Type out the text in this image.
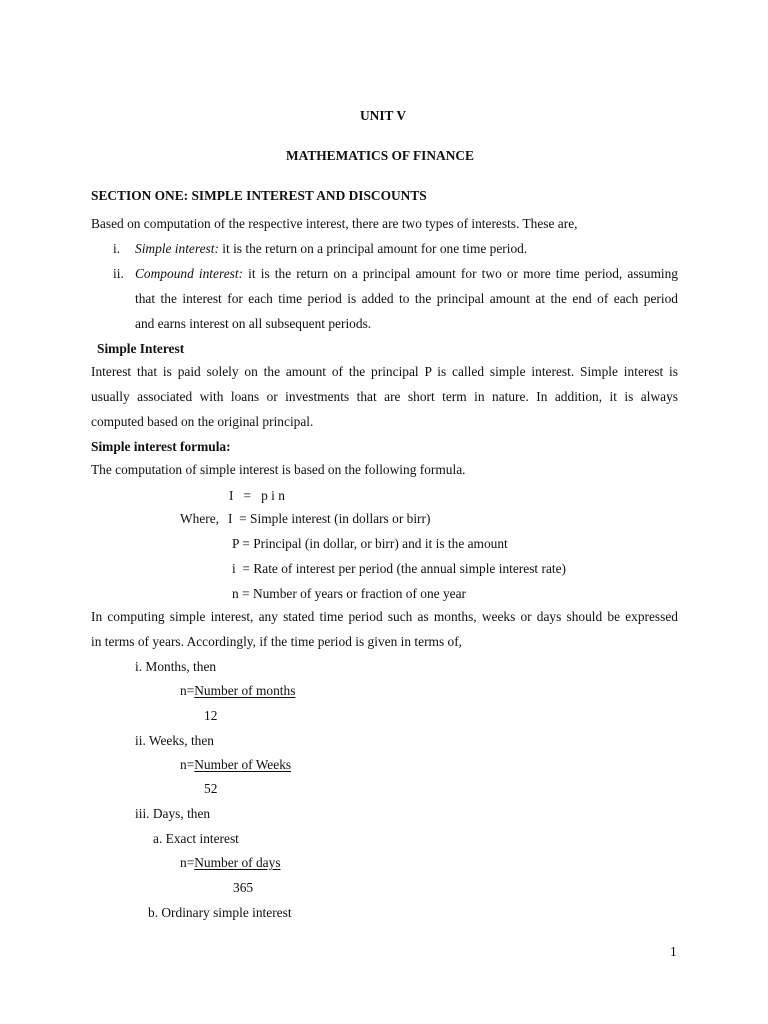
UNIT V
MATHEMATICS OF FINANCE
SECTION ONE: SIMPLE INTEREST AND DISCOUNTS
Based on computation of the respective interest, there are two types of interests. These are,
i. Simple interest: it is the return on a principal amount for one time period.
ii. Compound interest: it is the return on a principal amount for two or more time period, assuming
that the interest for each time period is added to the principal amount at the end of each period
and earns interest on all subsequent periods.
Simple Interest
Interest that is paid solely on the amount of the principal P is called simple interest. Simple interest is
usually associated with loans or investments that are short term in nature. In addition, it is always
computed based on the original principal.
Simple interest formula:
The computation of simple interest is based on the following formula.
I   =   p i n
Where, I  = Simple interest (in dollars or birr)
P = Principal (in dollar, or birr) and it is the amount
i  = Rate of interest per period (the annual simple interest rate)
n = Number of years or fraction of one year
In computing simple interest, any stated time period such as months, weeks or days should be expressed
in terms of years. Accordingly, if the time period is given in terms of,
i. Months, then
n=Number of months
12
ii. Weeks, then
n=Number of Weeks
52
iii. Days, then
a. Exact interest
n=Number of days
365
b. Ordinary simple interest
1
